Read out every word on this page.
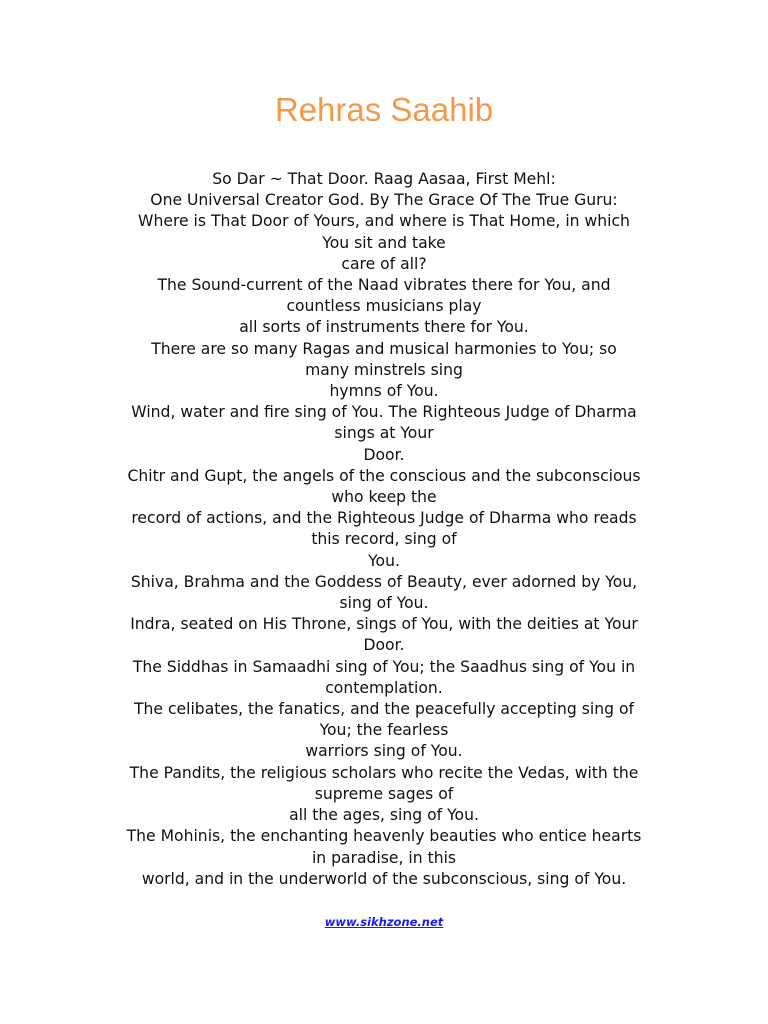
Rehras Saahib
So Dar ~ That Door. Raag Aasaa, First Mehl:
One Universal Creator God. By The Grace Of The True Guru:
Where is That Door of Yours, and where is That Home, in which
You sit and take
care of all?
The Sound-current of the Naad vibrates there for You, and
countless musicians play
all sorts of instruments there for You.
There are so many Ragas and musical harmonies to You; so
many minstrels sing
hymns of You.
Wind, water and fire sing of You. The Righteous Judge of Dharma
sings at Your
Door.
Chitr and Gupt, the angels of the conscious and the subconscious
who keep the
record of actions, and the Righteous Judge of Dharma who reads
this record, sing of
You.
Shiva, Brahma and the Goddess of Beauty, ever adorned by You,
sing of You.
Indra, seated on His Throne, sings of You, with the deities at Your
Door.
The Siddhas in Samaadhi sing of You; the Saadhus sing of You in
contemplation.
The celibates, the fanatics, and the peacefully accepting sing of
You; the fearless
warriors sing of You.
The Pandits, the religious scholars who recite the Vedas, with the
supreme sages of
all the ages, sing of You.
The Mohinis, the enchanting heavenly beauties who entice hearts
in paradise, in this
world, and in the underworld of the subconscious, sing of You.
www.sikhzone.net
